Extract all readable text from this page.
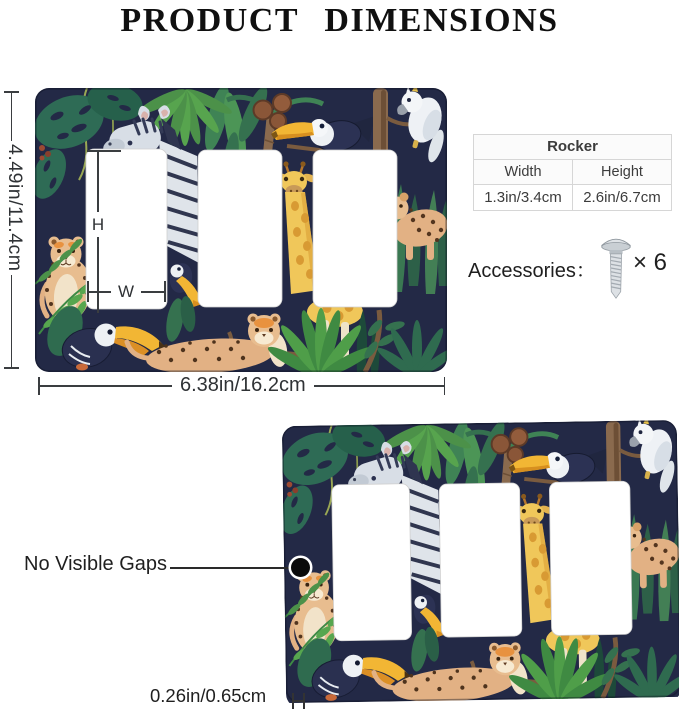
PRODUCT DIMENSIONS
4.49in/11.4cm
6.38in/16.2cm
H
W
Rocker
Width	Height
1.3in/3.4cm	2.6in/6.7cm
Accessories： × 6
No Visible Gaps
0.26in/0.65cm
